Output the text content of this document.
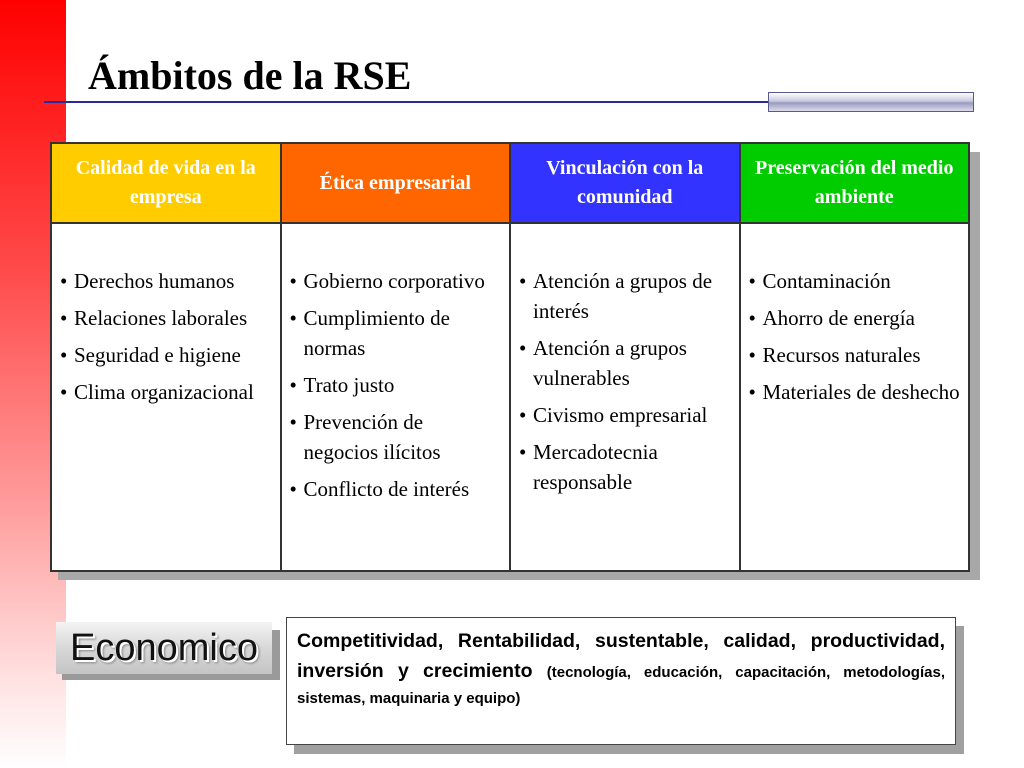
Ámbitos de la RSE
Calidad de vida en la empresa
• Derechos humanos
• Relaciones laborales
• Seguridad e higiene
• Clima organizacional
Ética empresarial
• Gobierno corporativo
• Cumplimiento de normas
• Trato justo
• Prevención de negocios ilícitos
• Conflicto de interés
Vinculación con la comunidad
• Atención a grupos de interés
• Atención a grupos vulnerables
• Civismo empresarial
• Mercadotecnia responsable
Preservación del medio ambiente
• Contaminación
• Ahorro de energía
• Recursos naturales
• Materiales de deshecho
Economico	Competitividad, Rentabilidad, sustentable, calidad, productividad, inversión y crecimiento (tecnología, educación, capacitación, metodologías, sistemas, maquinaria y equipo)
